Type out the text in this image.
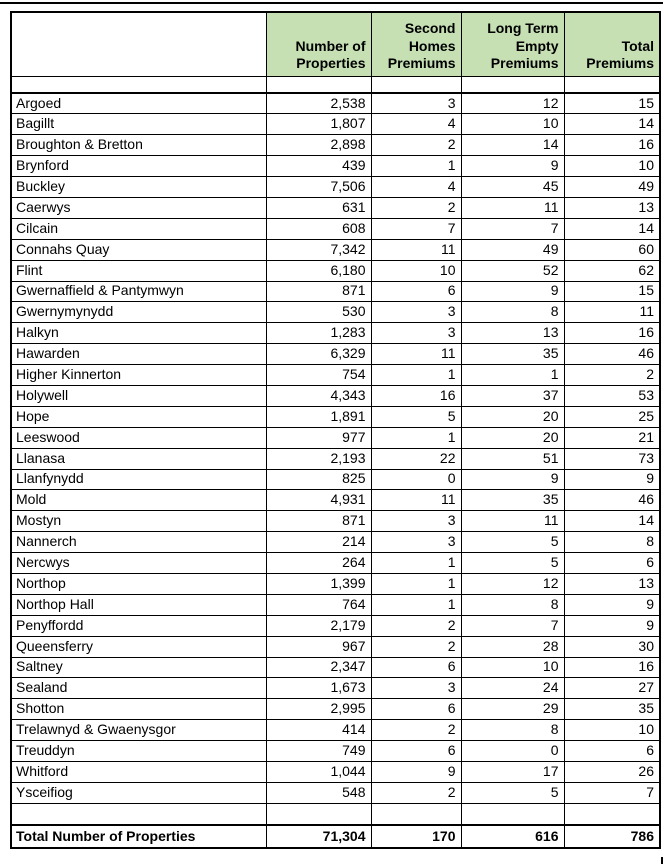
	Number of Properties	Second Homes Premiums	Long Term Empty Premiums	Total Premiums

Argoed	2,538	3	12	15
Bagillt	1,807	4	10	14
Broughton & Bretton	2,898	2	14	16
Brynford	439	1	9	10
Buckley	7,506	4	45	49
Caerwys	631	2	11	13
Cilcain	608	7	7	14
Connahs Quay	7,342	11	49	60
Flint	6,180	10	52	62
Gwernaffield & Pantymwyn	871	6	9	15
Gwernymynydd	530	3	8	11
Halkyn	1,283	3	13	16
Hawarden	6,329	11	35	46
Higher Kinnerton	754	1	1	2
Holywell	4,343	16	37	53
Hope	1,891	5	20	25
Leeswood	977	1	20	21
Llanasa	2,193	22	51	73
Llanfynydd	825	0	9	9
Mold	4,931	11	35	46
Mostyn	871	3	11	14
Nannerch	214	3	5	8
Nercwys	264	1	5	6
Northop	1,399	1	12	13
Northop Hall	764	1	8	9
Penyffordd	2,179	2	7	9
Queensferry	967	2	28	30
Saltney	2,347	6	10	16
Sealand	1,673	3	24	27
Shotton	2,995	6	29	35
Trelawnyd & Gwaenysgor	414	2	8	10
Treuddyn	749	6	0	6
Whitford	1,044	9	17	26
Ysceifiog	548	2	5	7

Total Number of Properties	71,304	170	616	786
